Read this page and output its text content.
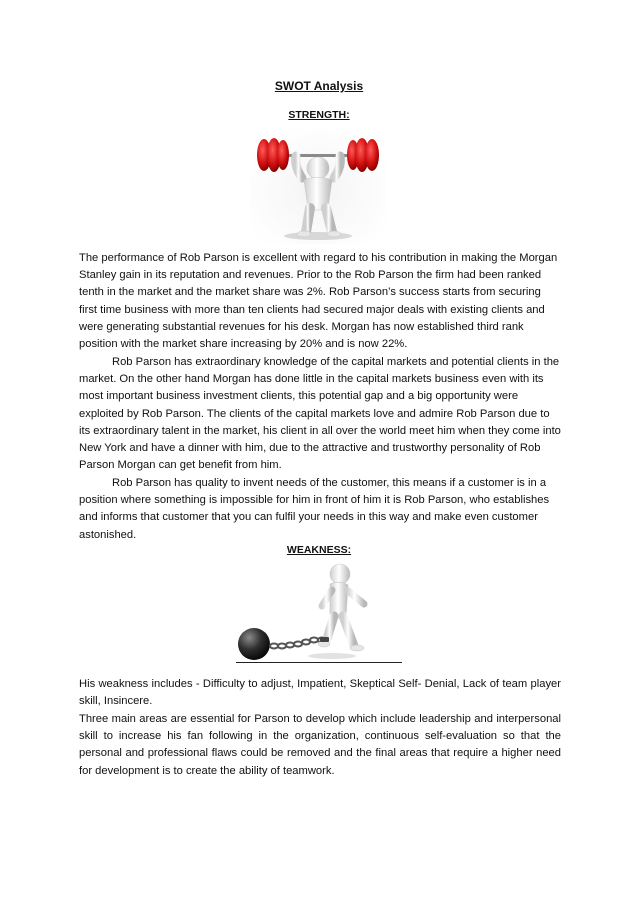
SWOT Analysis
STRENGTH:

The performance of Rob Parson is excellent with regard to his contribution in making the Morgan Stanley gain in its reputation and revenues. Prior to the Rob Parson the firm had been ranked tenth in the market and the market share was 2%. Rob Parson’s success starts from securing first time business with more than ten clients had secured major deals with existing clients and were generating substantial revenues for his desk. Morgan has now established third rank position with the market share increasing by 20% and is now 22%.

Rob Parson has extraordinary knowledge of the capital markets and potential clients in the market. On the other hand Morgan has done little in the capital markets business even with its most important business investment clients, this potential gap and a big opportunity were exploited by Rob Parson. The clients of the capital markets love and admire Rob Parson due to its extraordinary talent in the market, his client in all over the world meet him when they come into New York and have a dinner with him, due to the attractive and trustworthy personality of Rob Parson Morgan can get benefit from him.

Rob Parson has quality to invent needs of the customer, this means if a customer is in a position where something is impossible for him in front of him it is Rob Parson, who establishes and informs that customer that you can fulfil your needs in this way and make even customer astonished.

WEAKNESS:

His weakness includes - Difficulty to adjust, Impatient, Skeptical Self- Denial, Lack of team player skill, Insincere.

Three main areas are essential for Parson to develop which include leadership and interpersonal skill to increase his fan following in the organization, continuous self-evaluation so that the personal and professional flaws could be removed and the final areas that require a higher need for development is to create the ability of teamwork.
